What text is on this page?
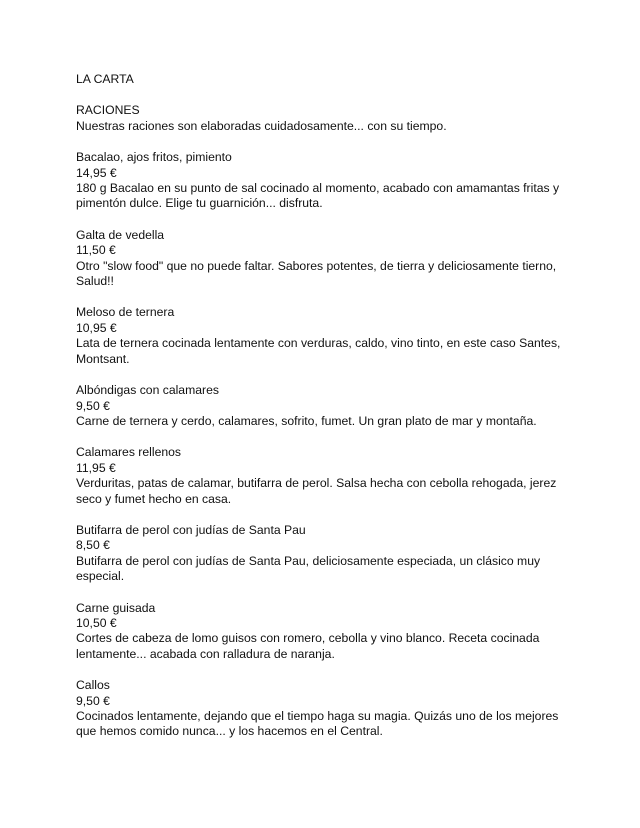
LA CARTA
RACIONES

Nuestras raciones son elaboradas cuidadosamente... con su tiempo.

Bacalao, ajos fritos, pimiento
14,95 €
180 g Bacalao en su punto de sal cocinado al momento, acabado con amamantas fritas y pimentón dulce. Elige tu guarnición... disfruta.
Galta de vedella
11,50 €
Otro "slow food" que no puede faltar. Sabores potentes, de tierra y deliciosamente tierno, Salud!!
Meloso de ternera
10,95 €
Lata de ternera cocinada lentamente con verduras, caldo, vino tinto, en este caso Santes, Montsant.
Albóndigas con calamares
9,50 €
Carne de ternera y cerdo, calamares, sofrito, fumet. Un gran plato de mar y montaña.
Calamares rellenos
11,95 €
Verduritas, patas de calamar, butifarra de perol. Salsa hecha con cebolla rehogada, jerez seco y fumet hecho en casa.
Butifarra de perol con judías de Santa Pau
8,50 €
Butifarra de perol con judías de Santa Pau, deliciosamente especiada, un clásico muy especial.
Carne guisada
10,50 €
Cortes de cabeza de lomo guisos con romero, cebolla y vino blanco. Receta cocinada lentamente... acabada con ralladura de naranja.
Callos
9,50 €
Cocinados lentamente, dejando que el tiempo haga su magia. Quizás uno de los mejores que hemos comido nunca... y los hacemos en el Central.
